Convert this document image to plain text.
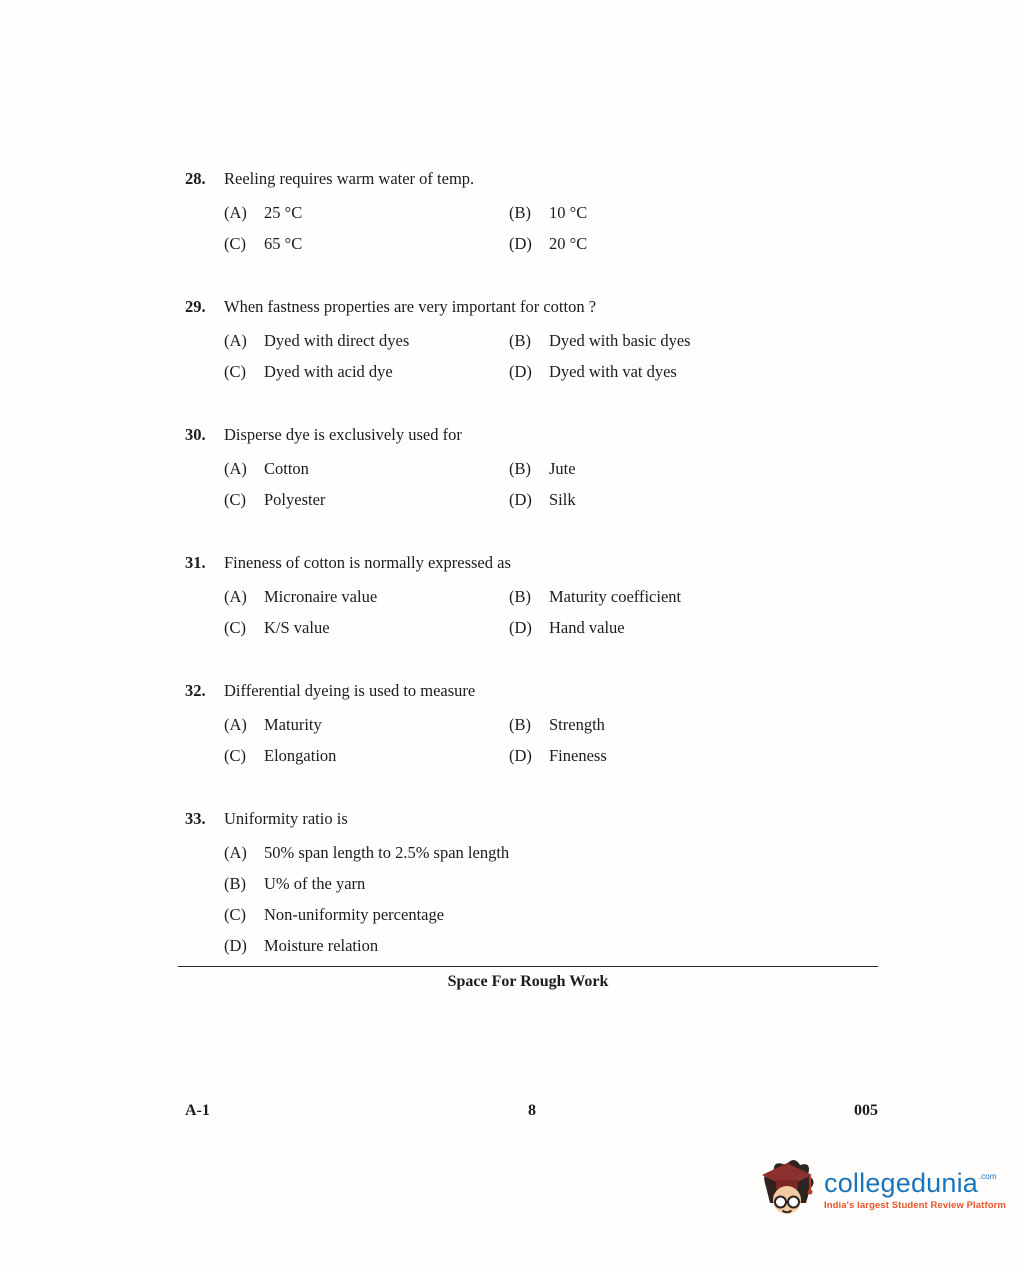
28.	Reeling requires warm water of temp.
(A)	25 °C	(B)	10 °C
(C)	65 °C	(D)	20 °C
29.	When fastness properties are very important for cotton ?
(A)	Dyed with direct dyes	(B)	Dyed with basic dyes
(C)	Dyed with acid dye	(D)	Dyed with vat dyes
30.	Disperse dye is exclusively used for
(A)	Cotton	(B)	Jute
(C)	Polyester	(D)	Silk
31.	Fineness of cotton is normally expressed as
(A)	Micronaire value	(B)	Maturity coefficient
(C)	K/S value	(D)	Hand value
32.	Differential dyeing is used to measure
(A)	Maturity	(B)	Strength
(C)	Elongation	(D)	Fineness
33.	Uniformity ratio is
(A)	50% span length to 2.5% span length
(B)	U% of the yarn
(C)	Non-uniformity percentage
(D)	Moisture relation
Space For Rough Work
A-1	8	005
collegedunia .com
India's largest Student Review Platform
